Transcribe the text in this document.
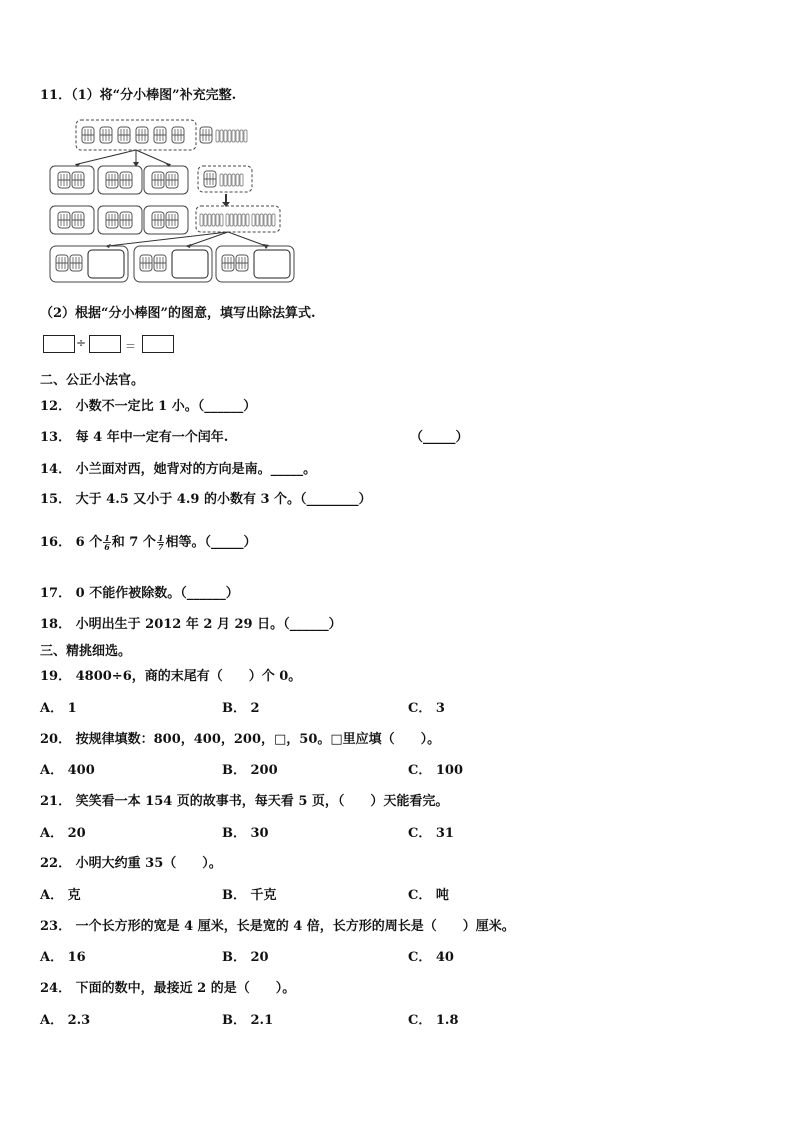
11．（1）将“分小棒图”补充完整.
（2）根据“分小棒图”的图意，填写出除法算式.
÷	＝
二、公正小法官。
12． 小数不一定比 1 小。（______）
13． 每 4 年中一定有一个闰年.	（_____）
14． 小兰面对西，她背对的方向是南。_____。
15． 大于 4.5 又小于 4.9 的小数有 3 个。（________）
16． 6 个 $\frac{1}{6}$ 和 7 个 $\frac{1}{7}$ 相等。（_____）
17． 0 不能作被除数。（______）
18． 小明出生于 2012 年 2 月 29 日。（______）
三、精挑细选。
19． 4800÷6，商的末尾有（　　）个 0。
A． 1	B． 2	C． 3
20． 按规律填数：800，400，200，□，50。□里应填（　　）。
A． 400	B． 200	C． 100
21． 笑笑看一本 154 页的故事书，每天看 5 页，（　　）天能看完。
A． 20	B． 30	C． 31
22． 小明大约重 35（　　）。
A． 克	B． 千克	C． 吨
23． 一个长方形的宽是 4 厘米，长是宽的 4 倍，长方形的周长是（　　）厘米。
A． 16	B． 20	C． 40
24． 下面的数中，最接近 2 的是（　　）。
A． 2.3	B． 2.1	C． 1.8
